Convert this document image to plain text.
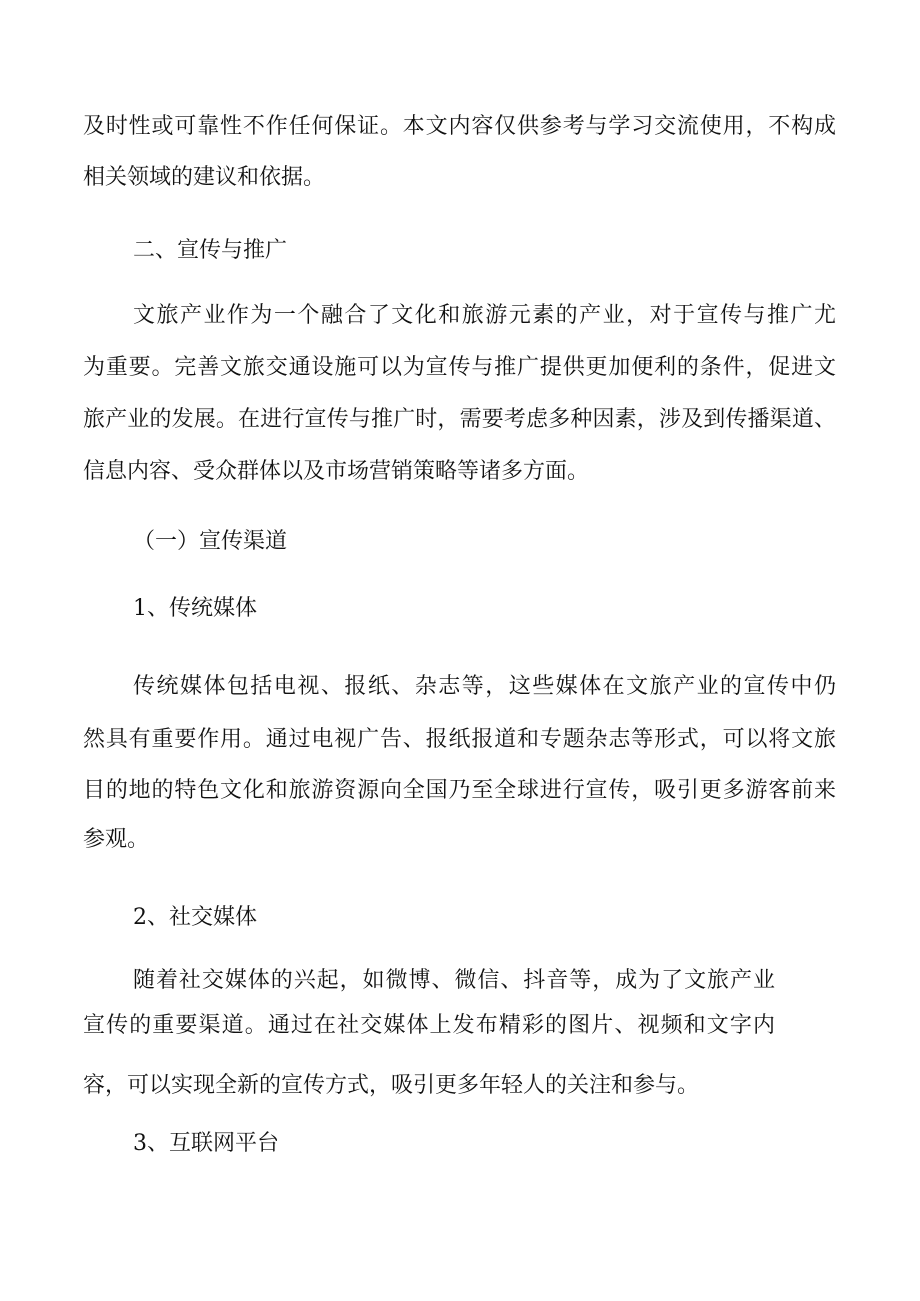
及时性或可靠性不作任何保证。本文内容仅供参考与学习交流使用，不构成
相关领域的建议和依据。
二、宣传与推广
文旅产业作为一个融合了文化和旅游元素的产业，对于宣传与推广尤
为重要。完善文旅交通设施可以为宣传与推广提供更加便利的条件，促进文
旅产业的发展。在进行宣传与推广时，需要考虑多种因素，涉及到传播渠道、
信息内容、受众群体以及市场营销策略等诸多方面。
（一）宣传渠道
1、传统媒体
传统媒体包括电视、报纸、杂志等，这些媒体在文旅产业的宣传中仍
然具有重要作用。通过电视广告、报纸报道和专题杂志等形式，可以将文旅
目的地的特色文化和旅游资源向全国乃至全球进行宣传，吸引更多游客前来
参观。
2、社交媒体
随着社交媒体的兴起，如微博、微信、抖音等，成为了文旅产业
宣传的重要渠道。通过在社交媒体上发布精彩的图片、视频和文字内
容，可以实现全新的宣传方式，吸引更多年轻人的关注和参与。
3、互联网平台
